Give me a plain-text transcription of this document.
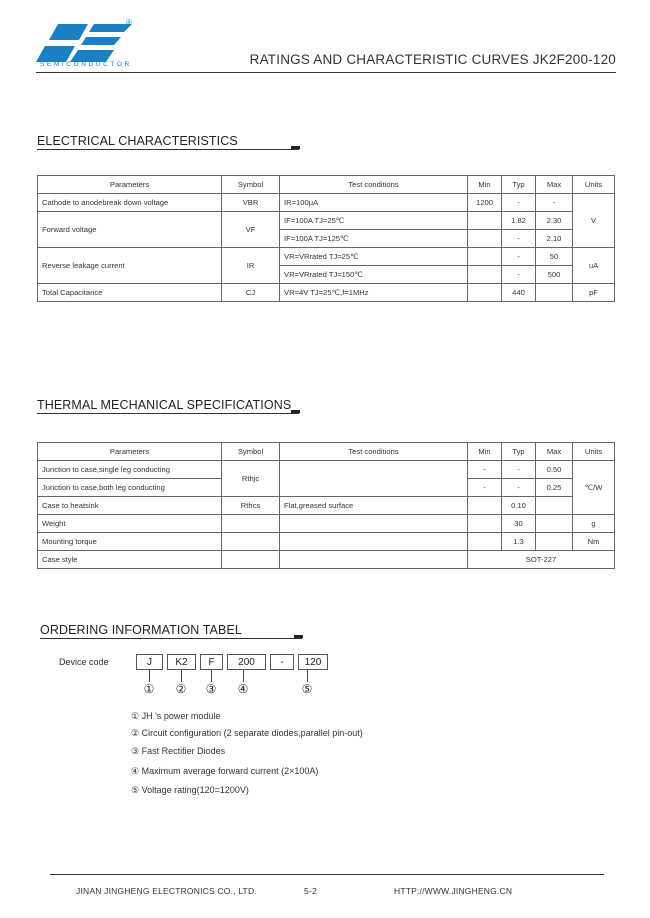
®
SEMICONDUCTOR	RATINGS AND CHARACTERISTIC CURVES JK2F200-120
ELECTRICAL CHARACTERISTICS
Parameters	Symbol	Test conditions	Min	Typ	Max	Units
Cathode to anodebreak down voltage	VBR	IR=100μA	1200	-	-	V
Forward voltage	VF	IF=100A TJ=25℃		1.82	2.30	
		IF=100A TJ=125℃		-	2.10	
Reverse leakage current	IR	VR=VRrated TJ=25℃		-	50	uA
		VR=VRrated TJ=150℃		-	500	
Total Capacitance	CJ	VR=4V TJ=25℃,f=1MHz		440		pF
THERMAL MECHANICAL SPECIFICATIONS
Parameters	Symbol	Test conditions	Min	Typ	Max	Units
Junction to case,single leg conducting	Rthjc		-	-	0.50	℃/W
Junction to case,both leg conducting			-	-	0.25	
Case to heatsink	Rthcs	Flat,greased surface		0.10		
Weight				30		g
Mounting torque				1.3		Nm
Case style			SOT-227			
ORDERING INFORMATION TABEL
Device code	J	K2	F	200	-	120
① ② ③ ④	⑤
① JH 's power module
② Circuit configuration (2 separate diodes,parallel pin-out)
③ Fast Rectifier Diodes
④ Maximum average forward current (2×100A)
⑤ Voltage rating(120=1200V)
JINAN JINGHENG ELECTRONICS CO., LTD.	5-2	HTTP://WWW.JINGHENG.CN
